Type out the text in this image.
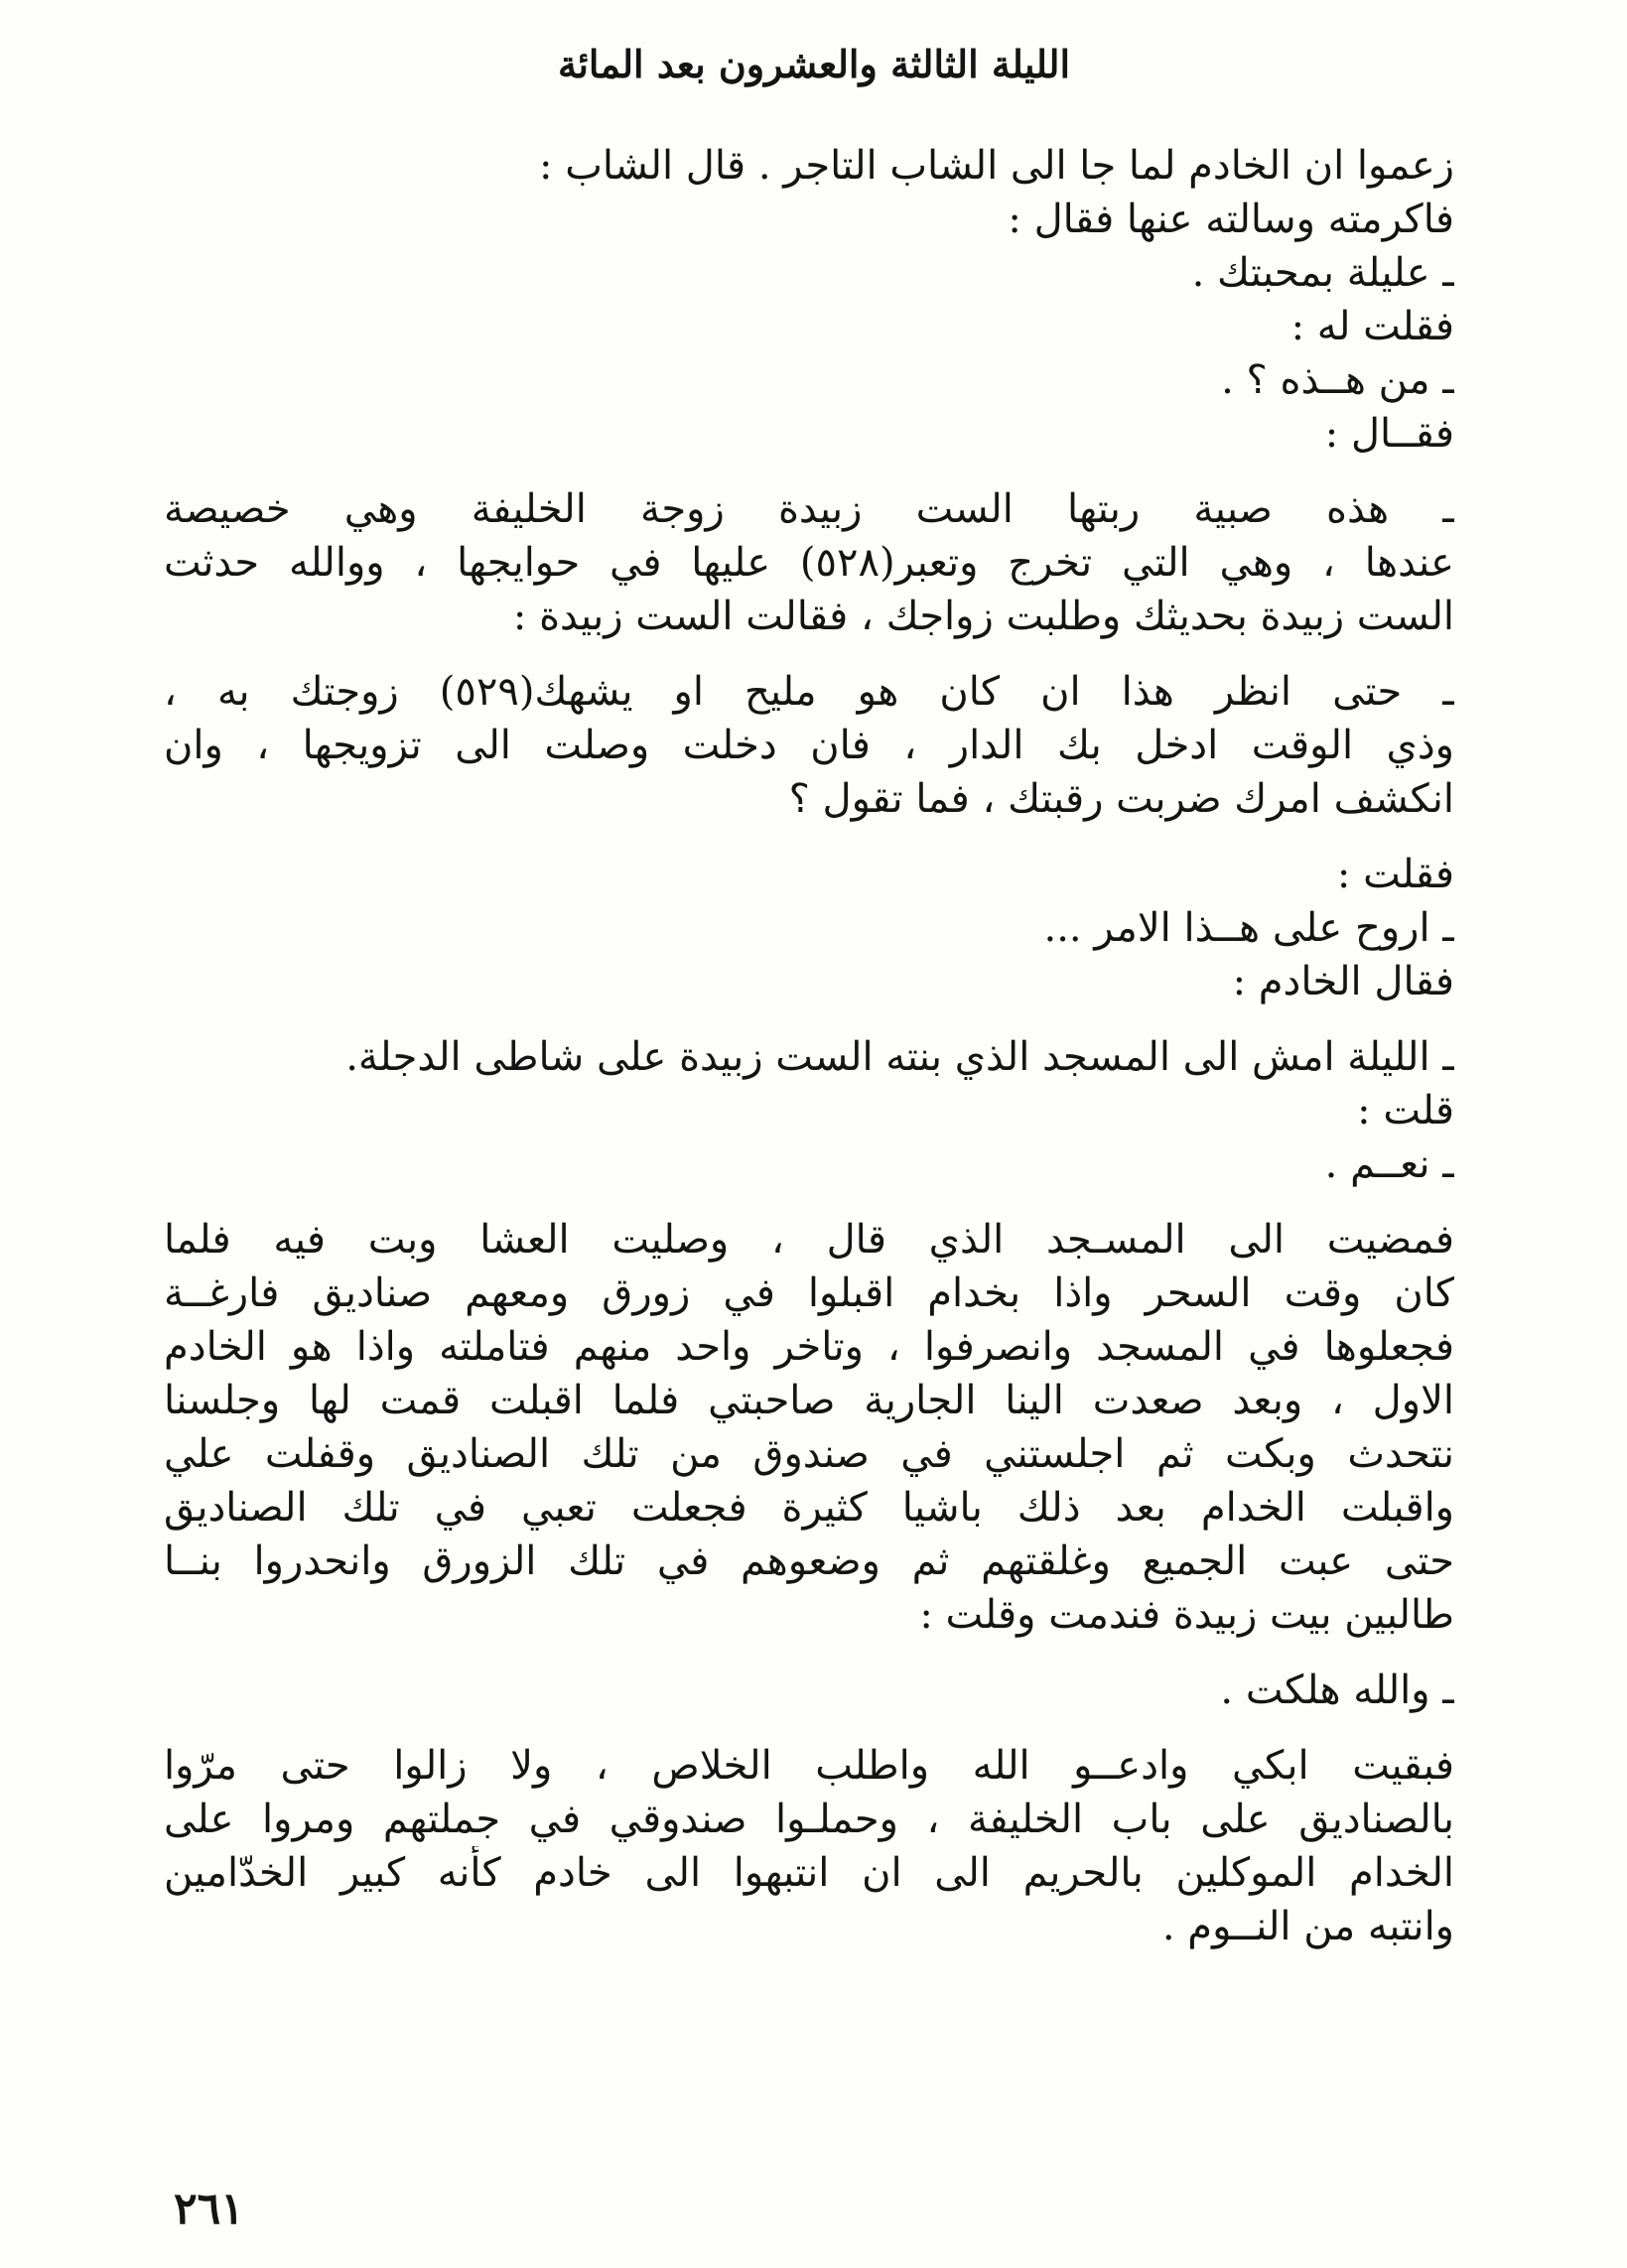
الليلة الثالثة والعشرون بعد المائة
زعموا ان الخادم لما جا الى الشاب التاجر . قال الشاب :
فاكرمته وسالته عنها فقال :
ـ عليلة بمحبتك .
فقلت له :
ـ من هــذه ؟ .
فقــال :
ـ هذه صبية ربتها الست زبيدة زوجة الخليفة وهي خصيصة
عندها ، وهي التي تخرج وتعبر(٥٢٨) عليها في حوايجها ، ووالله حدثت
الست زبيدة بحديثك وطلبت زواجك ، فقالت الست زبيدة :
ـ حتى انظر هذا ان كان هو مليح او يشهك(٥٢٩) زوجتك به ،
وذي الوقت ادخل بك الدار ، فان دخلت وصلت الى تزويجها ، وان
انكشف امرك ضربت رقبتك ، فما تقول ؟
فقلت :
ـ اروح على هــذا الامر ...
فقال الخادم :
ـ الليلة امش الى المسجد الذي بنته الست زبيدة على شاطى الدجلة.
قلت :
ـ نعــم .
فمضيت الى المسـجد الذي قال ، وصليت العشا وبت فيه فلما
كان وقت السحر واذا بخدام اقبلوا في زورق ومعهم صناديق فارغــة
فجعلوها في المسجد وانصرفوا ، وتاخر واحد منهم فتاملته واذا هو الخادم
الاول ، وبعد صعدت الينا الجارية صاحبتي فلما اقبلت قمت لها وجلسنا
نتحدث وبكت ثم اجلستني في صندوق من تلك الصناديق وقفلت علي
واقبلت الخدام بعد ذلك باشيا كثيرة فجعلت تعبي في تلك الصناديق
حتى عبت الجميع وغلقتهم ثم وضعوهم في تلك الزورق وانحدروا بنــا
طالبين بيت زبيدة فندمت وقلت :
ـ والله هلكت .
فبقيت ابكي وادعــو الله واطلب الخلاص ، ولا زالوا حتى مرّوا
بالصناديق على باب الخليفة ، وحملـوا صندوقي في جملتهم ومروا على
الخدام الموكلين بالحريم الى ان انتبهوا الى خادم كأنه كبير الخدّامين
وانتبه من النــوم .
٢٦١
